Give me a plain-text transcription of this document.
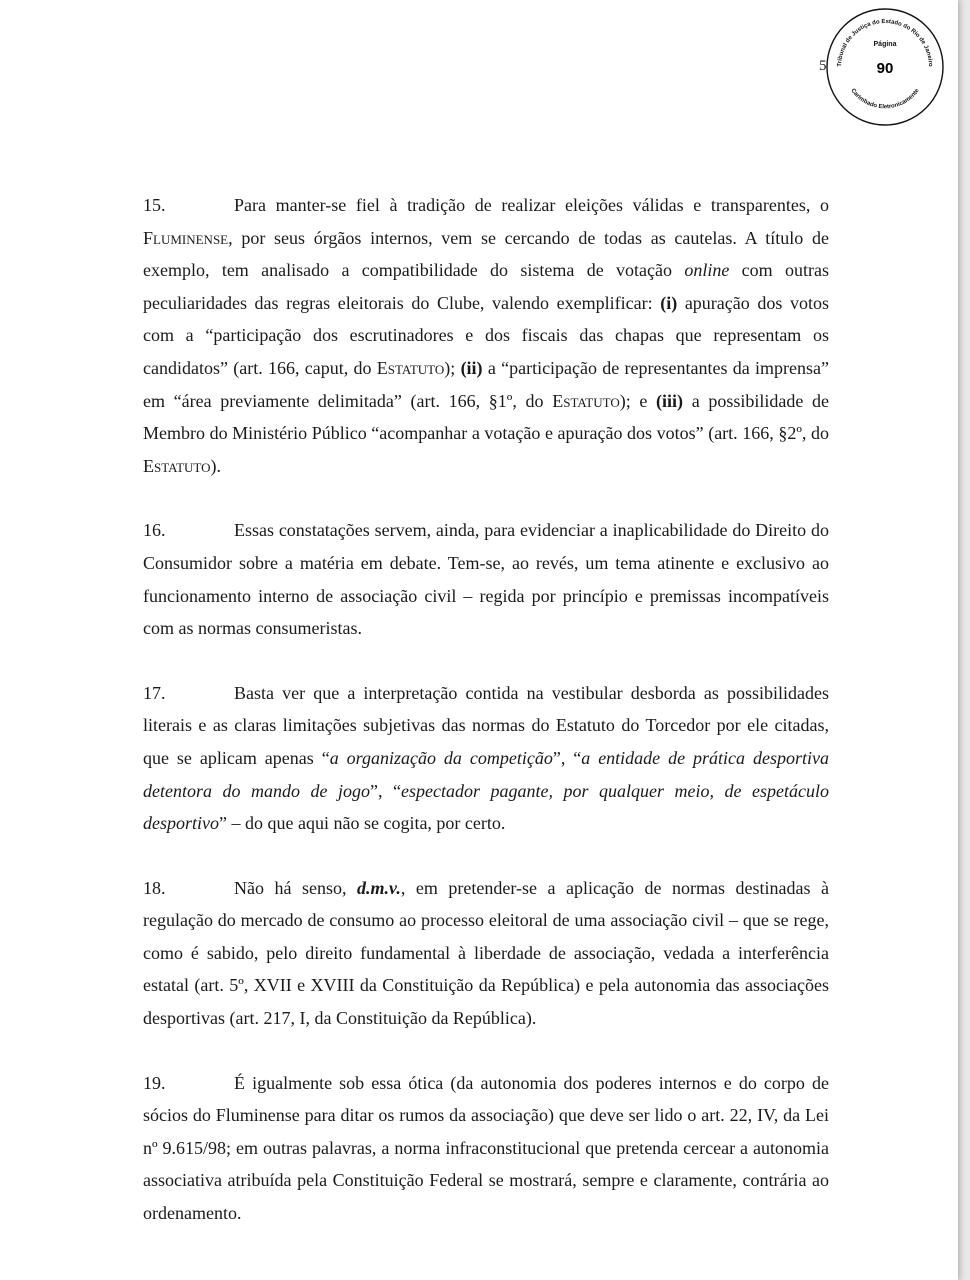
5 Tribunal de Justiça do Estado do Rio de Janeiro
Carimbado Eletronicamente
Página
90

15.	Para manter-se fiel à tradição de realizar eleições válidas e transparentes, o Fluminense, por seus órgãos internos, vem se cercando de todas as cautelas. A título de exemplo, tem analisado a compatibilidade do sistema de votação online com outras peculiaridades das regras eleitorais do Clube, valendo exemplificar: (i) apuração dos votos com a “participação dos escrutinadores e dos fiscais das chapas que representam os candidatos” (art. 166, caput, do Estatuto); (ii) a “participação de representantes da imprensa” em “área previamente delimitada” (art. 166, §1º, do Estatuto); e (iii) a possibilidade de Membro do Ministério Público “acompanhar a votação e apuração dos votos” (art. 166, §2º, do Estatuto).

16.	Essas constatações servem, ainda, para evidenciar a inaplicabilidade do Direito do Consumidor sobre a matéria em debate. Tem-se, ao revés, um tema atinente e exclusivo ao funcionamento interno de associação civil – regida por princípio e premissas incompatíveis com as normas consumeristas.

17.	Basta ver que a interpretação contida na vestibular desborda as possibilidades literais e as claras limitações subjetivas das normas do Estatuto do Torcedor por ele citadas, que se aplicam apenas “a organização da competição”, “a entidade de prática desportiva detentora do mando de jogo”, “espectador pagante, por qualquer meio, de espetáculo desportivo” – do que aqui não se cogita, por certo.

18.	Não há senso, d.m.v., em pretender-se a aplicação de normas destinadas à regulação do mercado de consumo ao processo eleitoral de uma associação civil – que se rege, como é sabido, pelo direito fundamental à liberdade de associação, vedada a interferência estatal (art. 5º, XVII e XVIII da Constituição da República) e pela autonomia das associações desportivas (art. 217, I, da Constituição da República).

19.	É igualmente sob essa ótica (da autonomia dos poderes internos e do corpo de sócios do Fluminense para ditar os rumos da associação) que deve ser lido o art. 22, IV, da Lei nº 9.615/98; em outras palavras, a norma infraconstitucional que pretenda cercear a autonomia associativa atribuída pela Constituição Federal se mostrará, sempre e claramente, contrária ao ordenamento.
